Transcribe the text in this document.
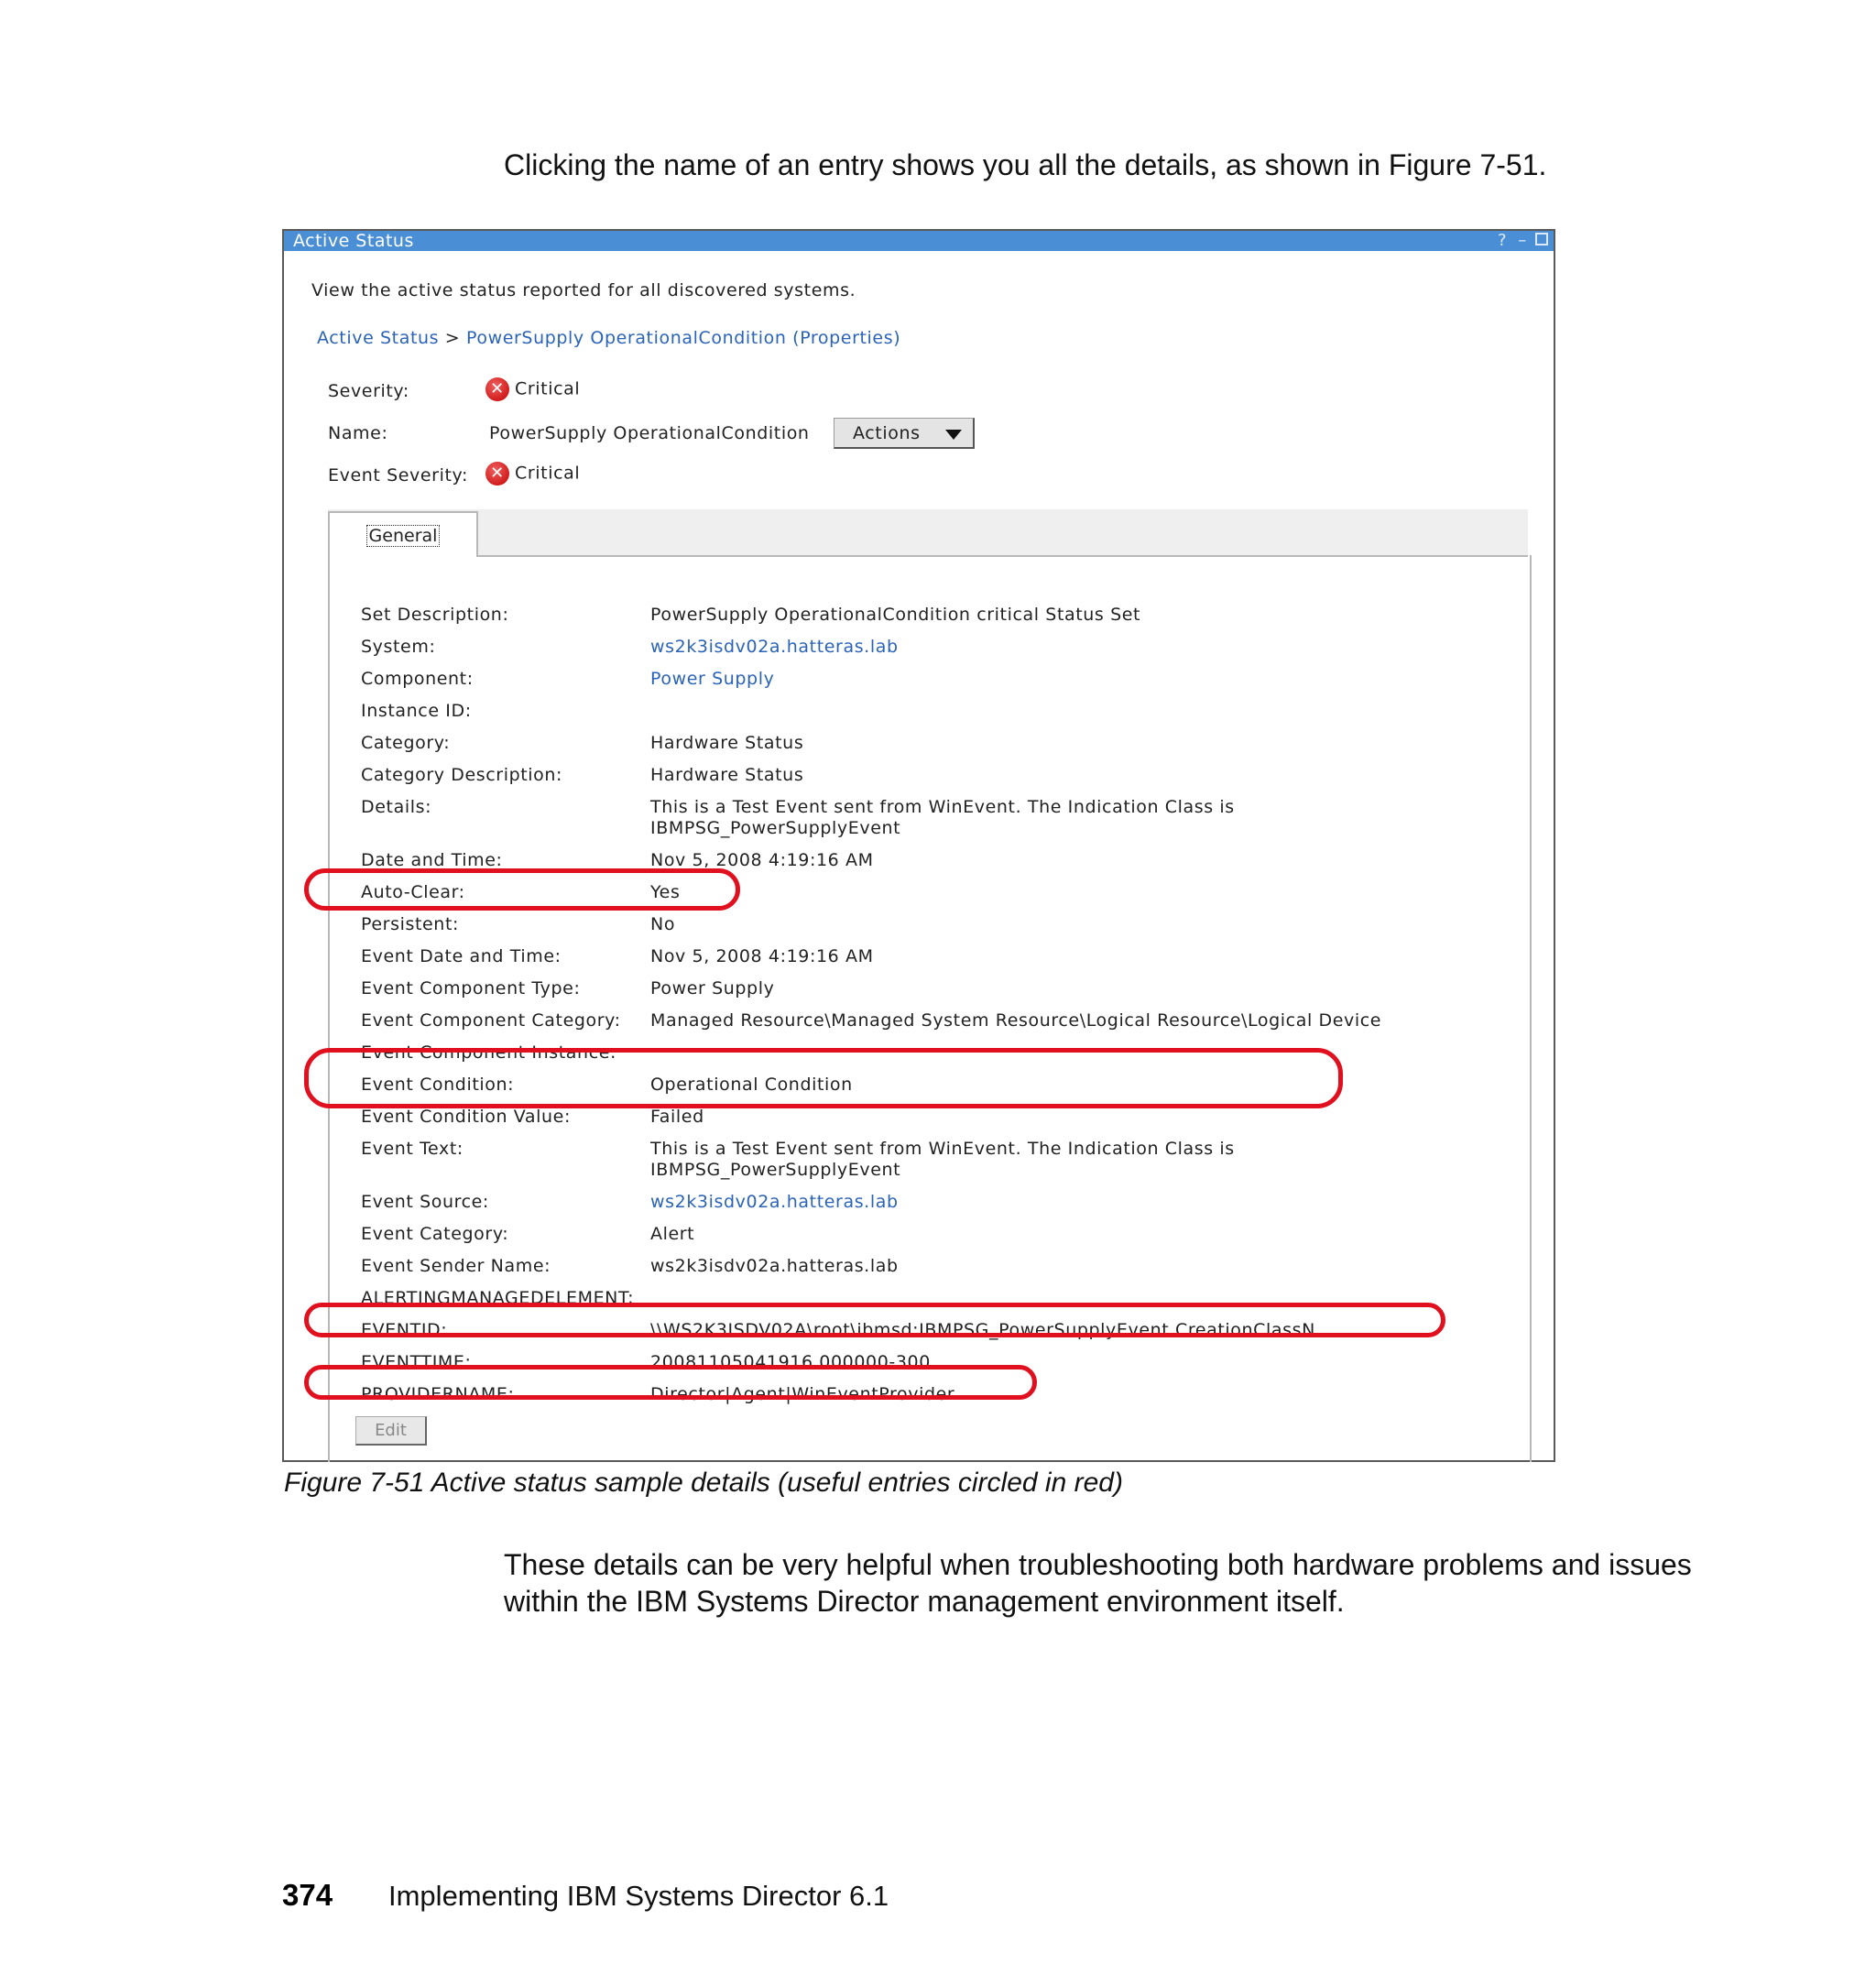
Clicking the name of an entry shows you all the details, as shown in Figure 7-51.
Active Status	? –
View the active status reported for all discovered systems.
Active Status > PowerSupply OperationalCondition (Properties)
Severity:	✕ Critical
Name:	PowerSupply OperationalCondition	Actions
Event Severity: ✕ Critical
General
Set Description:	PowerSupply OperationalCondition critical Status Set
System:	ws2k3isdv02a.hatteras.lab
Component:	Power Supply
Instance ID:
Category:	Hardware Status
Category Description:	Hardware Status
Details:	This is a Test Event sent from WinEvent. The Indication Class is
IBMPSG_PowerSupplyEvent
Date and Time:	Nov 5, 2008 4:19:16 AM
Auto-Clear:	Yes
Persistent:	No
Event Date and Time:	Nov 5, 2008 4:19:16 AM
Event Component Type:	Power Supply
Event Component Category: Managed Resource\Managed System Resource\Logical Resource\Logical Device
Event Component Instance:
Event Condition:	Operational Condition
Event Condition Value:	Failed
Event Text:	This is a Test Event sent from WinEvent. The Indication Class is
IBMPSG_PowerSupplyEvent
Event Source:	ws2k3isdv02a.hatteras.lab
Event Category:	Alert
Event Sender Name:	ws2k3isdv02a.hatteras.lab
ALERTINGMANAGEDELEMENT:
EVENTID:	\\WS2K3ISDV02A\root\ibmsd:IBMPSG_PowerSupplyEvent.CreationClassN...
EVENTTIME:	20081105041916.000000-300
PROVIDERNAME:	Director|Agent|WinEventProvider
Edit
Figure 7-51 Active status sample details (useful entries circled in red)
These details can be very helpful when troubleshooting both hardware problems and issues within the IBM Systems Director management environment itself.
374 Implementing IBM Systems Director 6.1
